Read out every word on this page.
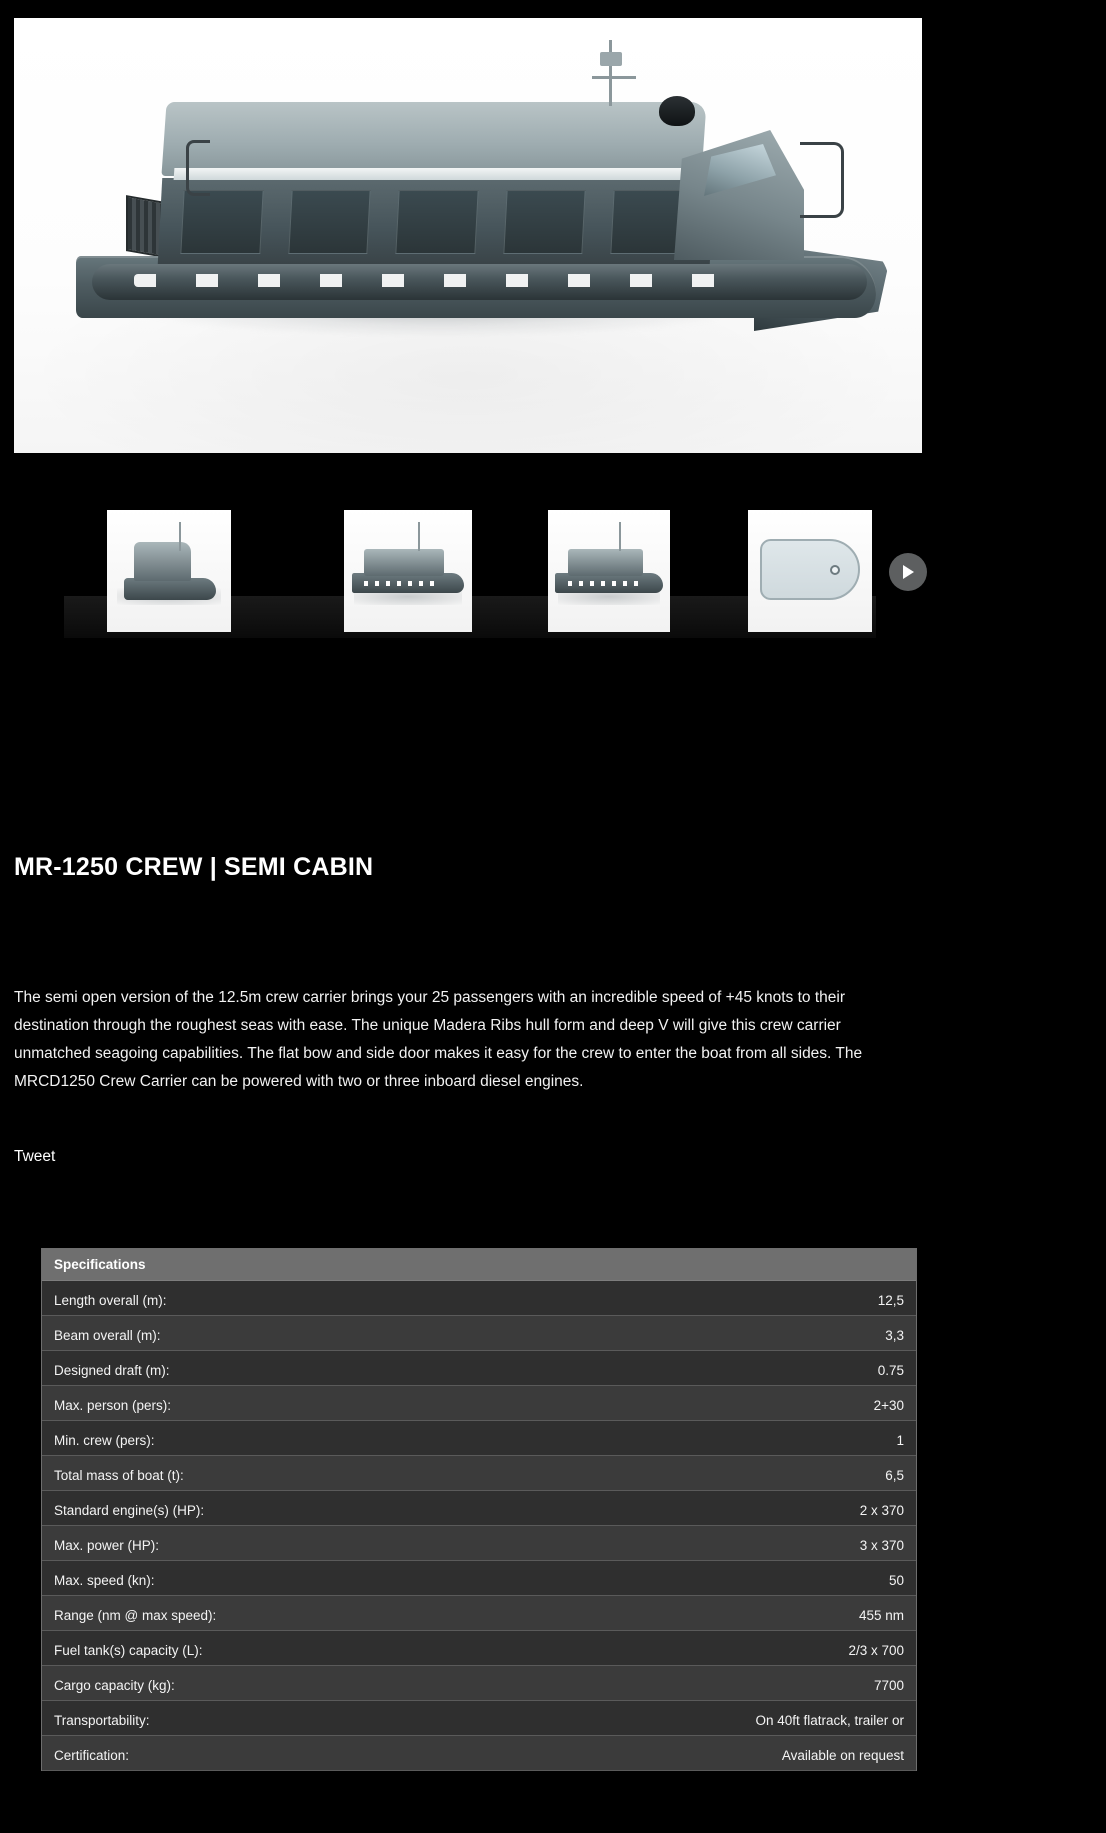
MR-1250 CREW | SEMI CABIN

The semi open version of the 12.5m crew carrier brings your 25 passengers with an incredible speed of +45 knots to their destination through the roughest seas with ease. The unique Madera Ribs hull form and deep V will give this crew carrier unmatched seagoing capabilities. The flat bow and side door makes it easy for the crew to enter the boat from all sides. The MRCD1250 Crew Carrier can be powered with two or three inboard diesel engines.

Tweet
Specifications
Length overall (m):	12,5
Beam overall (m):	3,3
Designed draft (m):	0.75
Max. person (pers):	2+30
Min. crew (pers):	1
Total mass of boat (t):	6,5
Standard engine(s) (HP):	2 x 370
Max. power (HP):	3 x 370
Max. speed (kn):	50
Range (nm @ max speed):	455 nm
Fuel tank(s) capacity (L):	2/3 x 700
Cargo capacity (kg):	7700
Transportability:	On 40ft flatrack, trailer or
Certification:	Available on request
